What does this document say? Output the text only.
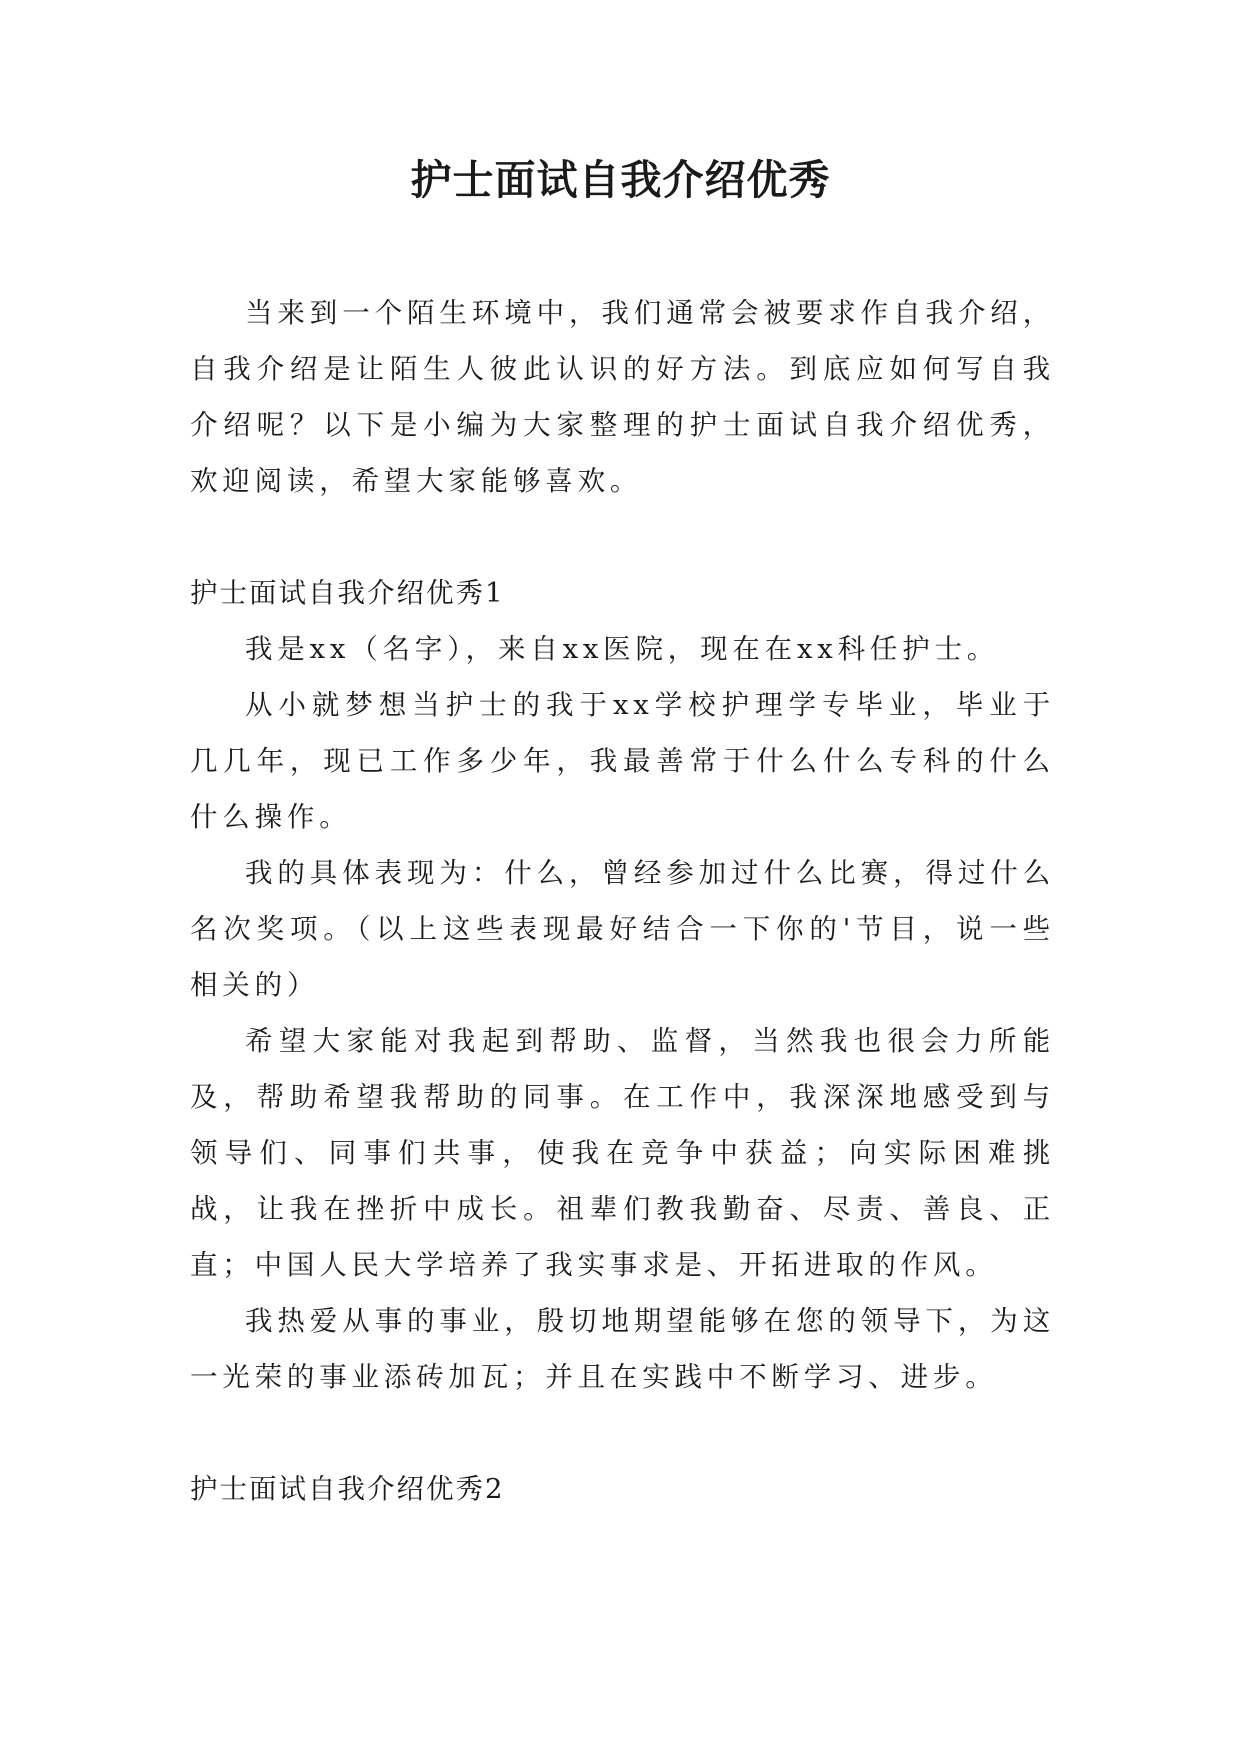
护士面试自我介绍优秀

当来到一个陌生环境中，我们通常会被要求作自我介绍，自我介绍是让陌生人彼此认识的好方法。到底应如何写自我介绍呢？以下是小编为大家整理的护士面试自我介绍优秀，欢迎阅读，希望大家能够喜欢。

护士面试自我介绍优秀1

我是xx（名字），来自xx医院，现在在xx科任护士。

从小就梦想当护士的我于xx学校护理学专毕业，毕业于几几年，现已工作多少年，我最善常于什么什么专科的什么什么操作。

我的具体表现为：什么，曾经参加过什么比赛，得过什么名次奖项。（以上这些表现最好结合一下你的'节目，说一些相关的）

希望大家能对我起到帮助、监督，当然我也很会力所能及，帮助希望我帮助的同事。在工作中，我深深地感受到与领导们、同事们共事，使我在竞争中获益；向实际困难挑战，让我在挫折中成长。祖辈们教我勤奋、尽责、善良、正直；中国人民大学培养了我实事求是、开拓进取的作风。

我热爱从事的事业，殷切地期望能够在您的领导下，为这一光荣的事业添砖加瓦；并且在实践中不断学习、进步。

护士面试自我介绍优秀2
